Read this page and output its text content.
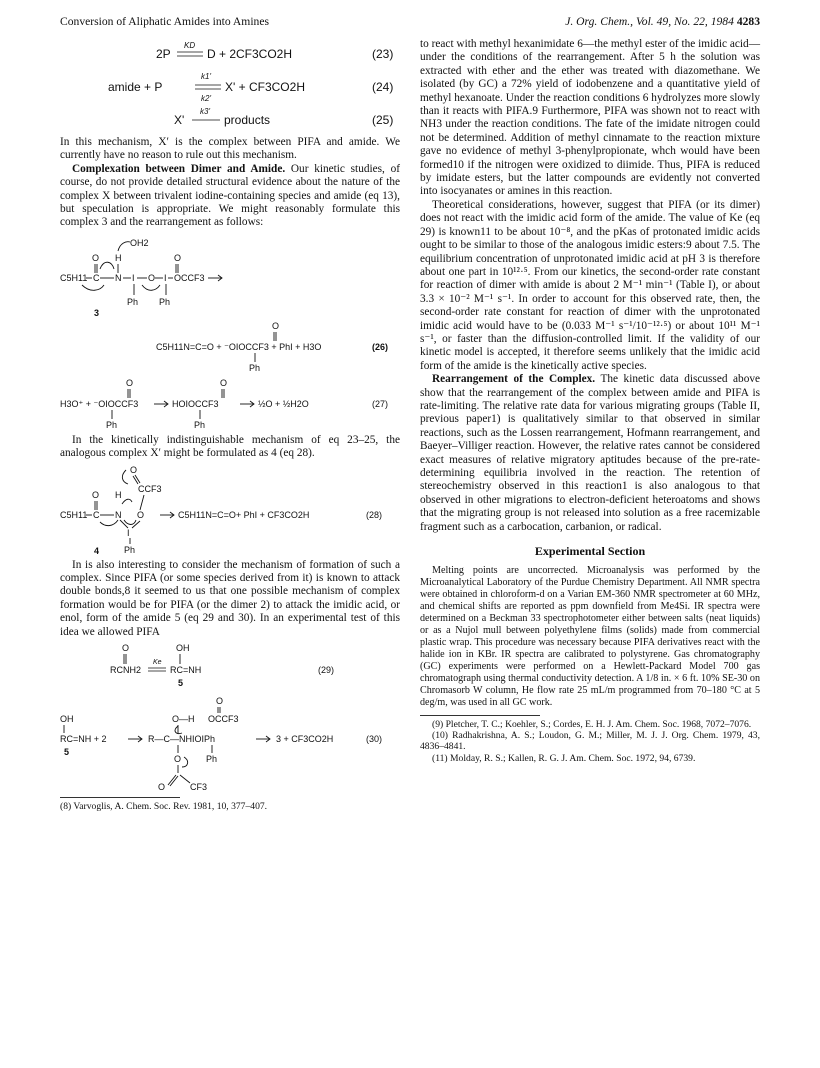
Conversion of Aliphatic Amides into Amines	J. Org. Chem., Vol. 49, No. 22, 1984 4283
2P
KD
D + 2CF3CO2H	(23)
amide + P
k1'
k2'
X' + CF3CO2H	(24)
X'
k3'
products	(25)

In this mechanism, X′ is the complex between PIFA and amide. We currently have no reason to rule out this mechanism.

Complexation between Dimer and Amide. Our kinetic studies, of course, do not provide detailed structural evidence about the nature of the complex X between trivalent iodine-containing species and amide (eq 13), but speculation is appropriate. We might reasonably formulate this complex 3 and the rearrangement as follows:

OH2
O H	O
C5H11 C N I O I OCCF3
Ph Ph
3
O
C5H11N=C=O + ⁻OIOCCF3 + PhI + H3O
Ph
(26)
O	O
H3O⁺ + ⁻OIOCCF3	HOIOCCF3	½O + ½H2O
Ph	Ph
(27)

In the kinetically indistinguishable mechanism of eq 23–25, the analogous complex X′ might be formulated as 4 (eq 28).

O
CCF3
O H
C5H11 C N O
I
Ph
C5H11N=C=O+ PhI + CF3CO2H	(28)
4

In is also interesting to consider the mechanism of formation of such a complex. Since PIFA (or some species derived from it) is known to attack double bonds,8 it seemed to us that one possible mechanism of complex formation would be for PIFA (or the dimer 2) to attack the imidic acid, or enol, form of the amide 5 (eq 29 and 30). In an experimental test of this idea we allowed PIFA

O	OH
RCNH2
Ke
RC=NH
5
(29)
O
OH	O—H OCCF3
RC=NH + 2	R—C—NHIOIPh	3 + CF3CO2H	(30)
5
Ph
O
O	CF3
(8) Varvoglis, A. Chem. Soc. Rev. 1981, 10, 377–407.

to react with methyl hexanimidate 6—the methyl ester of the imidic acid—under the conditions of the rearrangement. After 5 h the solution was extracted with ether and the ether was treated with diazomethane. We isolated (by GC) a 72% yield of iodobenzene and a quantitative yield of methyl hexanoate. Under the reaction conditions 6 hydrolyzes more slowly than it reacts with PIFA.9 Furthermore, PIFA was shown not to react with NH3 under the reaction conditions. The fate of the imidate nitrogen could not be determined. Addition of methyl cinnamate to the reaction mixture gave no evidence of methyl 3-phenylpropionate, whch would have been formed10 if the nitrogen were oxidized to diimide. Thus, PIFA is reduced by imidate esters, but the latter compounds are evidently not converted into isocyanates or amines in this reaction.

Theoretical considerations, however, suggest that PIFA (or its dimer) does not react with the imidic acid form of the amide. The value of Ke (eq 29) is known11 to be about 10⁻⁸, and the pKas of protonated imidic acids ought to be similar to those of the analogous imidic esters:9 about 7.5. The equilibrium concentration of unprotonated imidic acid at pH 3 is therefore about one part in 10¹²·⁵. From our kinetics, the second-order rate constant for reaction of dimer with amide is about 2 M⁻¹ min⁻¹ (Table I), or about 3.3 × 10⁻² M⁻¹ s⁻¹. In order to account for this observed rate, then, the second-order rate constant for reaction of dimer with the unprotonated imidic acid would have to be (0.033 M⁻¹ s⁻¹/10⁻¹²·⁵) or about 10¹¹ M⁻¹ s⁻¹, or faster than the diffusion-controlled limit. If the validity of our kinetic model is accepted, it therefore seems unlikely that the imidic acid form of the amide is the kinetically active species.

Rearrangement of the Complex. The kinetic data discussed above show that the rearrangement of the complex between amide and PIFA is rate-limiting. The relative rate data for various migrating groups (Table II, previous paper1) is qualitatively similar to that observed in similar reactions, such as the Lossen rearrangement, Hofmann rearrangement, and Baeyer–Villiger reaction. However, the relative rates cannot be considered exact measures of relative migratory aptitudes because of the pre-rate-determining equilibria involved in the reaction. The retention of stereochemistry observed in this reaction1 is also analogous to that observed in other migrations to electron-deficient heteroatoms and shows that the migrating group is not released into solution as a free racemizable fragment such as a carbocation, carbanion, or radical.

Experimental Section

Melting points are uncorrected. Microanalysis was performed by the Microanalytical Laboratory of the Purdue Chemistry Department. All NMR spectra were obtained in chloroform-d on a Varian EM-360 NMR spectrometer at 60 MHz, and chemical shifts are reported as ppm downfield from Me4Si. IR spectra were determined on a Beckman 33 spectrophotometer either between salts (neat liquids) or as a Nujol mull between polyethylene films (solids) made from commercial plastic wrap. This procedure was necessary because PIFA derivatives react with the halide ion in KBr. IR spectra are calibrated to polystyrene. Gas chromatography (GC) experiments were performed on a Hewlett-Packard Model 700 gas chromatograph using thermal conductivity detection. A 1/8 in. × 6 ft. 10% SE-30 on Chromasorb W column, He flow rate 25 mL/m programmed from 70–180 °C at 5 deg/m, was used in all GC work.

(9) Pletcher, T. C.; Koehler, S.; Cordes, E. H. J. Am. Chem. Soc. 1968, 7072–7076.

(10) Radhakrishna, A. S.; Loudon, G. M.; Miller, M. J. J. Org. Chem. 1979, 43, 4836–4841.

(11) Molday, R. S.; Kallen, R. G. J. Am. Chem. Soc. 1972, 94, 6739.
